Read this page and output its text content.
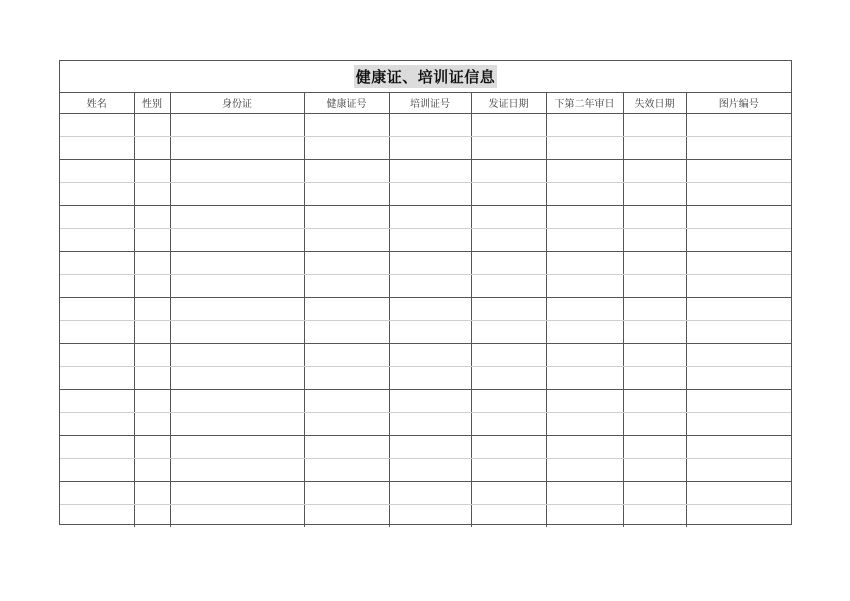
健康证、培训证信息
姓名	性别	身份证	健康证号	培训证号	发证日期	下第二年审日	失效日期	图片编号
